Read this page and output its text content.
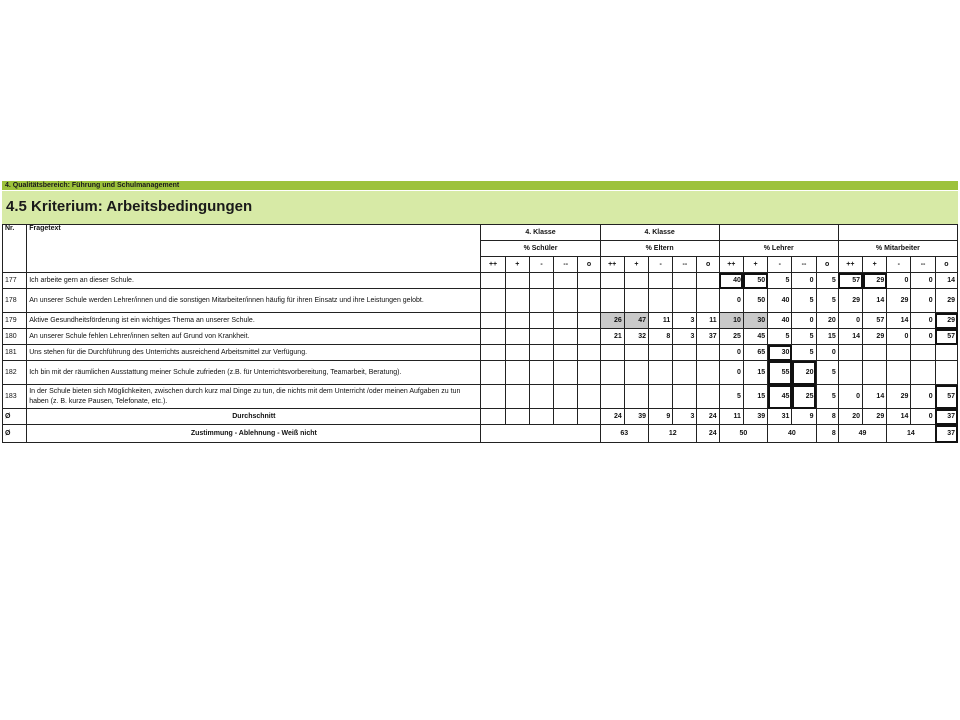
4. Qualitätsbereich: Führung und Schulmanagement
4.5 Kriterium: Arbeitsbedingungen
Nr.	Fragetext	4. Klasse					4. Klasse														
		% Schüler					% Eltern					% Lehrer					% Mitarbeiter				
		++	+	-	--	o	++	+	-	--	o	++	+	-	--	o	++	+	-	--	o
177	Ich arbeite gern an dieser Schule.											40	50	5	0	5	57	29	0	0	14
178	An unserer Schule werden Lehrer/innen und die sonstigen Mitarbeiter/innen häufig für ihren Einsatz und ihre Leistungen gelobt.											0	50	40	5	5	29	14	29	0	29
179	Aktive Gesundheitsförderung ist ein wichtiges Thema an unserer Schule.						26	47	11	3	11	10	30	40	0	20	0	57	14	0	29
180	An unserer Schule fehlen Lehrer/innen selten auf Grund von Krankheit.						21	32	8	3	37	25	45	5	5	15	14	29	0	0	57
181	Uns stehen für die Durchführung des Unterrichts ausreichend Arbeitsmittel zur Verfügung.											0	65	30	5	0					
182	Ich bin mit der räumlichen Ausstattung meiner Schule zufrieden (z.B. für Unterrichtsvorbereitung, Teamarbeit, Beratung).											0	15	55	20	5					
183	In der Schule bieten sich Möglichkeiten, zwischen durch kurz mal Dinge zu tun, die nichts mit dem Unterricht /oder meinen Aufgaben zu tun haben (z. B. kurze Pausen, Telefonate, etc.).											5	15	45	25	5	0	14	29	0	57
Ø	Durchschnitt						24	39	9	3	24	11	39	31	9	8	20	29	14	0	37
Ø	Zustimmung - Ablehnung - Weiß nicht						63		12		24	50		40		8	49		14		37
